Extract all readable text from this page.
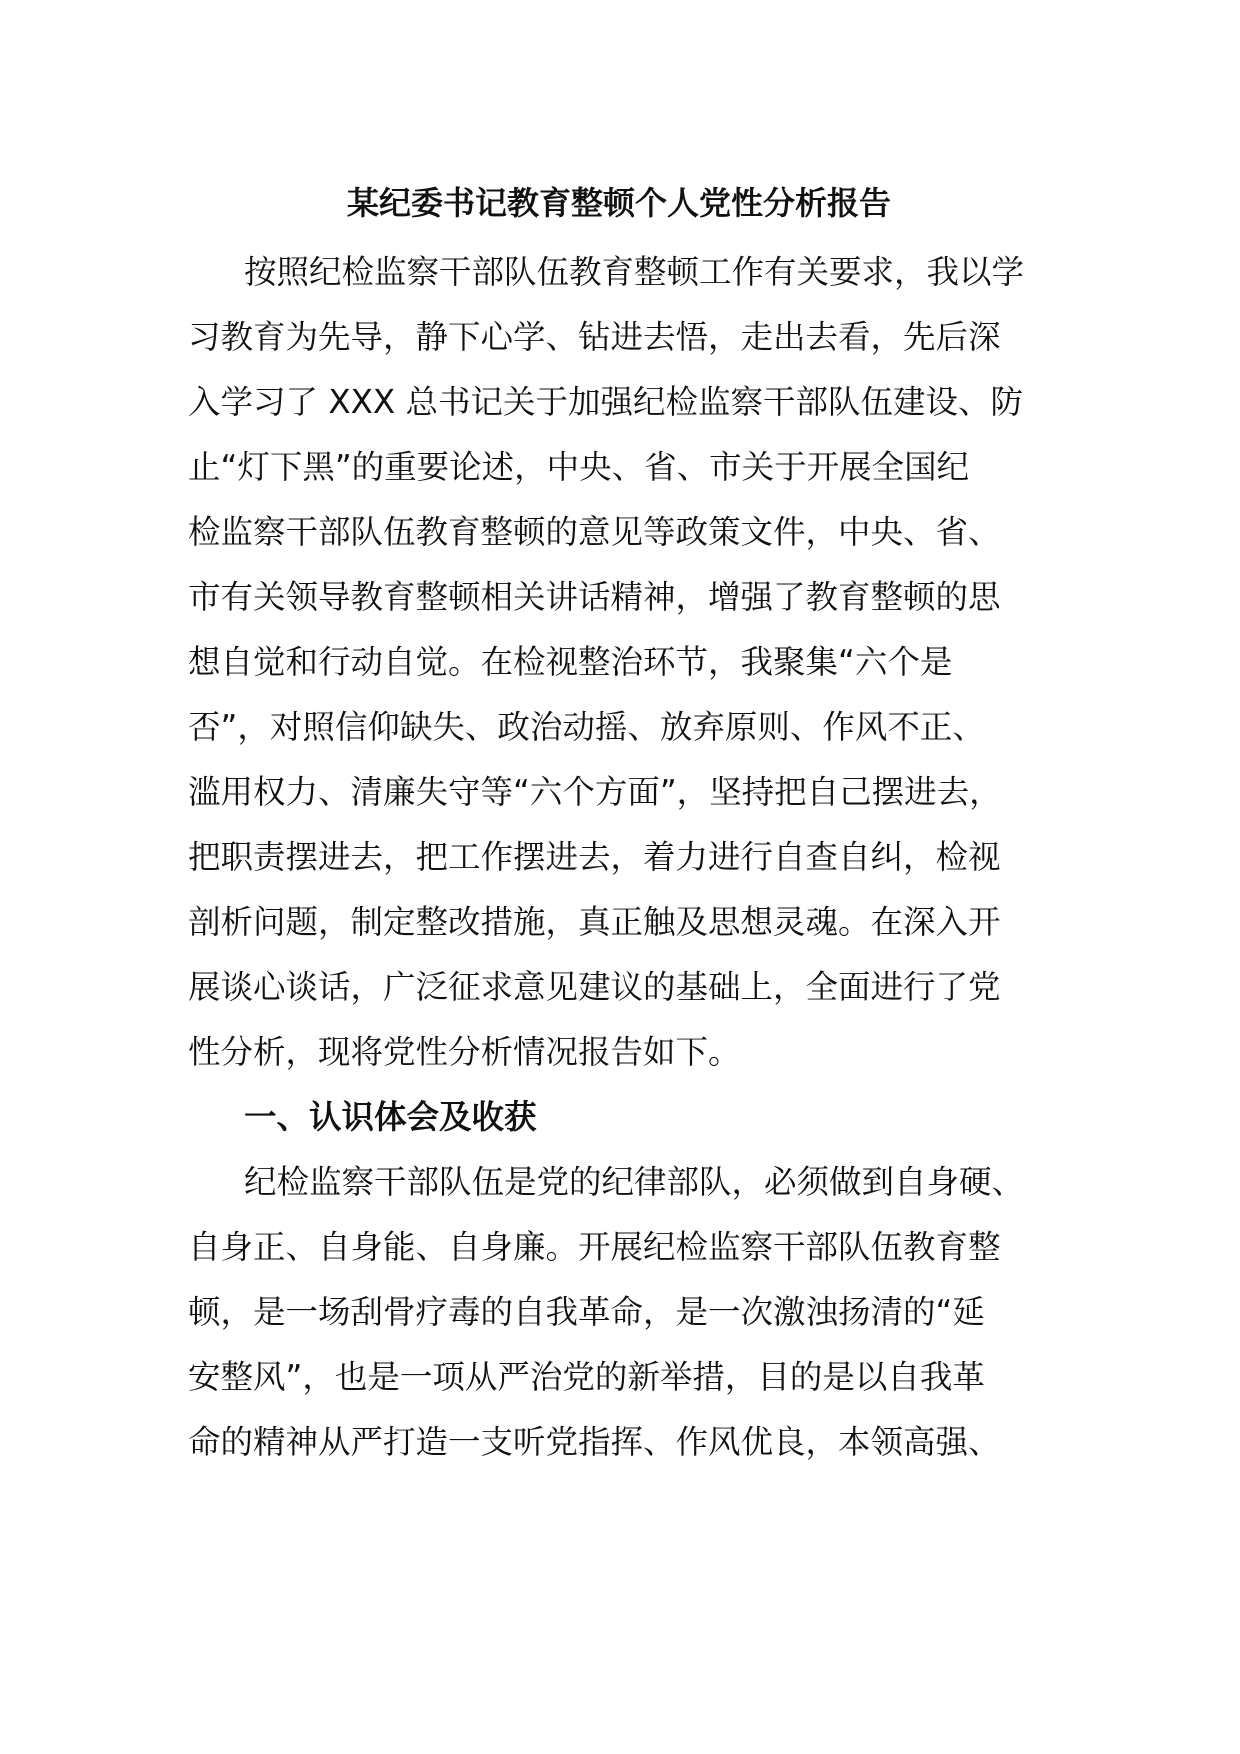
某纪委书记教育整顿个人党性分析报告
按照纪检监察干部队伍教育整顿工作有关要求，我以学
习教育为先导，静下心学、钻进去悟，走出去看，先后深
入学习了 XXX 总书记关于加强纪检监察干部队伍建设、防
止“灯下黑”的重要论述，中央、省、市关于开展全国纪
检监察干部队伍教育整顿的意见等政策文件，中央、省、
市有关领导教育整顿相关讲话精神，增强了教育整顿的思
想自觉和行动自觉。在检视整治环节，我聚集“六个是
否”，对照信仰缺失、政治动摇、放弃原则、作风不正、
滥用权力、清廉失守等“六个方面”，坚持把自己摆进去，
把职责摆进去，把工作摆进去，着力进行自查自纠，检视
剖析问题，制定整改措施，真正触及思想灵魂。在深入开
展谈心谈话，广泛征求意见建议的基础上，全面进行了党
性分析，现将党性分析情况报告如下。
一、认识体会及收获
纪检监察干部队伍是党的纪律部队，必须做到自身硬、
自身正、自身能、自身廉。开展纪检监察干部队伍教育整
顿，是一场刮骨疗毒的自我革命，是一次激浊扬清的“延
安整风”，也是一项从严治党的新举措，目的是以自我革
命的精神从严打造一支听党指挥、作风优良，本领高强、
